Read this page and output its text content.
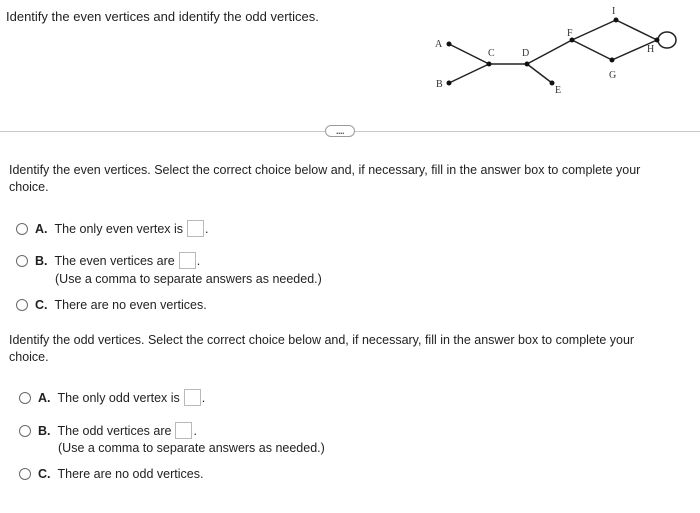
Identify the even vertices and identify the odd vertices.
A
B
C	D
E
F
G
H
I
....
Identify the even vertices. Select the correct choice below and, if necessary, fill in the answer box to complete your choice.
A. The only even vertex is .
B. The even vertices are .
(Use a comma to separate answers as needed.)
C. There are no even vertices.
Identify the odd vertices. Select the correct choice below and, if necessary, fill in the answer box to complete your choice.
A. The only odd vertex is .
B. The odd vertices are .
(Use a comma to separate answers as needed.)
C. There are no odd vertices.
